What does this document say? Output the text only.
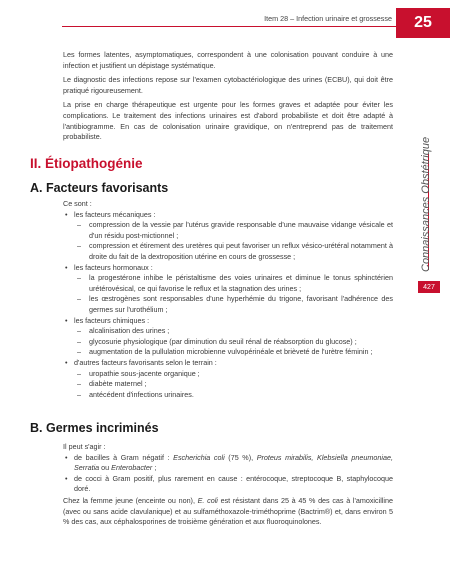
Item 28 – Infection urinaire et grossesse 25
Connaissances Obstétrique
427

Les formes latentes, asymptomatiques, correspondent à une colonisation pouvant conduire à une infection et justifient un dépistage systématique.

Le diagnostic des infections repose sur l'examen cytobactériologique des urines (ECBU), qui doit être pratiqué rigoureusement.

La prise en charge thérapeutique est urgente pour les formes graves et adaptée pour éviter les complications. Le traitement des infections urinaires est d'abord probabiliste et doit être adapté à l'antibiogramme. En cas de colonisation urinaire gravidique, on n'entreprend pas de traitement probabiliste.

II. Étiopathogénie
A. Facteurs favorisants

Ce sont :

• les facteurs mécaniques :
– compression de la vessie par l'utérus gravide responsable d'une mauvaise vidange vésicale et d'un résidu post-mictionnel ;
– compression et étirement des uretères qui peut favoriser un reflux vésico-urétéral notamment à droite du fait de la dextroposition utérine en cours de grossesse ;
• les facteurs hormonaux :
– la progestérone inhibe le péristaltisme des voies urinaires et diminue le tonus sphinctérien urétérovésical, ce qui favorise le reflux et la stagnation des urines ;
– les œstrogènes sont responsables d'une hyperhémie du trigone, favorisant l'adhérence des germes sur l'urothélium ;
• les facteurs chimiques :
– alcalinisation des urines ;
– glycosurie physiologique (par diminution du seuil rénal de réabsorption du glucose) ;
– augmentation de la pullulation microbienne vulvopérinéale et brièveté de l'urètre féminin ;
• d'autres facteurs favorisants selon le terrain :
– uropathie sous-jacente organique ;
– diabète maternel ;
– antécédent d'infections urinaires.
B. Germes incriminés

Il peut s'agir :

• de bacilles à Gram négatif : Escherichia coli (75 %), Proteus mirabilis, Klebsiella pneumoniae, Serratia ou Enterobacter ;
• de cocci à Gram positif, plus rarement en cause : entérocoque, streptocoque B, staphylocoque doré.

Chez la femme jeune (enceinte ou non), E. coli est résistant dans 25 à 45 % des cas à l'amoxicilline (avec ou sans acide clavulanique) et au sulfaméthoxazole-triméthoprime (Bactrim®) et, dans environ 5 % des cas, aux céphalosporines de troisième génération et aux fluoroquinolones.
